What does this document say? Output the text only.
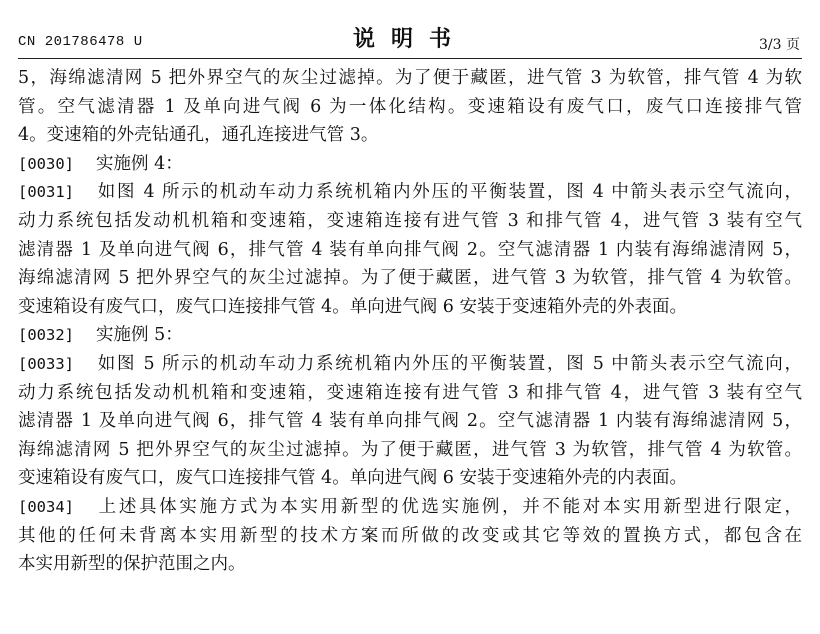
CN 201786478 U	说明书	3/3 页
5，海绵滤清网 5 把外界空气的灰尘过滤掉。为了便于藏匿，进气管 3 为软管，排气管 4 为软
管。空气滤清器 1 及单向进气阀 6 为一体化结构。变速箱设有废气口，废气口连接排气管
4。变速箱的外壳钻通孔，通孔连接进气管 3。
[0030] 实施例 4：
[0031] 如图 4 所示的机动车动力系统机箱内外压的平衡装置，图 4 中箭头表示空气流向，
动力系统包括发动机机箱和变速箱，变速箱连接有进气管 3 和排气管 4，进气管 3 装有空气
滤清器 1 及单向进气阀 6，排气管 4 装有单向排气阀 2。空气滤清器 1 内装有海绵滤清网 5，
海绵滤清网 5 把外界空气的灰尘过滤掉。为了便于藏匿，进气管 3 为软管，排气管 4 为软管。
变速箱设有废气口，废气口连接排气管 4。单向进气阀 6 安装于变速箱外壳的外表面。
[0032] 实施例 5：
[0033] 如图 5 所示的机动车动力系统机箱内外压的平衡装置，图 5 中箭头表示空气流向，
动力系统包括发动机机箱和变速箱，变速箱连接有进气管 3 和排气管 4，进气管 3 装有空气
滤清器 1 及单向进气阀 6，排气管 4 装有单向排气阀 2。空气滤清器 1 内装有海绵滤清网 5，
海绵滤清网 5 把外界空气的灰尘过滤掉。为了便于藏匿，进气管 3 为软管，排气管 4 为软管。
变速箱设有废气口，废气口连接排气管 4。单向进气阀 6 安装于变速箱外壳的内表面。
[0034] 上述具体实施方式为本实用新型的优选实施例，并不能对本实用新型进行限定，
其他的任何未背离本实用新型的技术方案而所做的改变或其它等效的置换方式，都包含在
本实用新型的保护范围之内。
